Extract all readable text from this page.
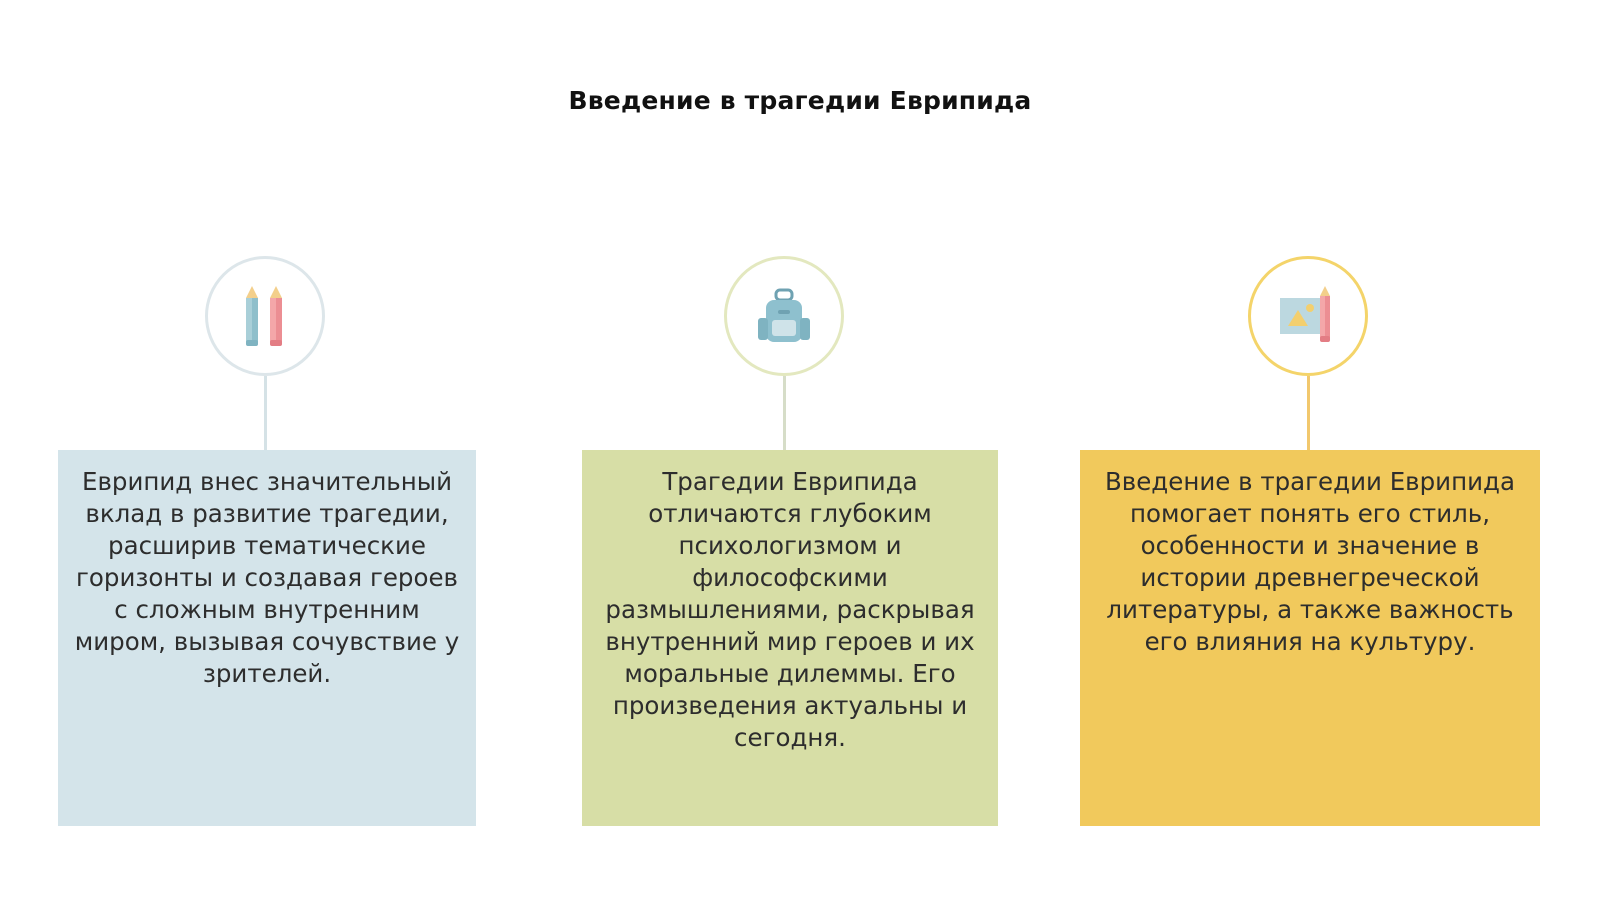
Введение в трагедии Еврипида
Еврипид внес значительный вклад в развитие трагедии, расширив тематические горизонты и создавая героев с сложным внутренним миром, вызывая сочувствие у зрителей.
Трагедии Еврипида отличаются глубоким психологизмом и философскими размышлениями, раскрывая внутренний мир героев и их моральные дилеммы. Его произведения актуальны и сегодня.
Введение в трагедии Еврипида помогает понять его стиль, особенности и значение в истории древнегреческой литературы, а также важность его влияния на культуру.
